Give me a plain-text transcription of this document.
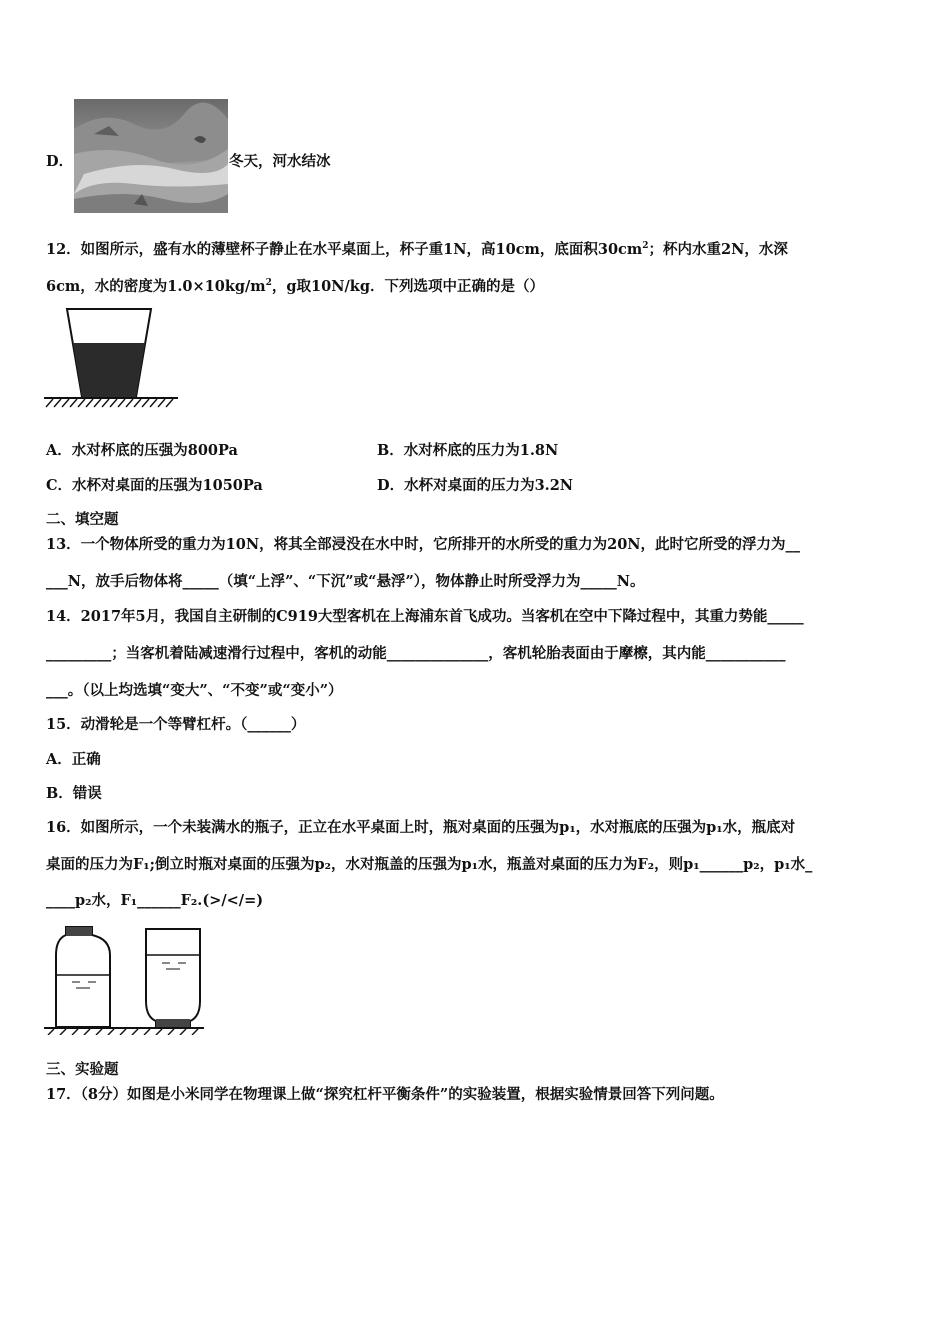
D．	冬天，河水结冰
12．如图所示，盛有水的薄壁杯子静止在水平桌面上，杯子重1N，高10cm，底面积$30cm^2$；杯内水重2N，水深
6cm，水的密度为$1.0\times 10kg/m^2$，g取10N/kg．下列选项中正确的是（）
A．水对杯底的压强为800Pa	B．水对杯底的压力为1.8N
C．水杯对桌面的压强为1050Pa	D．水杯对桌面的压力为3.2N
二、填空题
13．一个物体所受的重力为10N，将其全部浸没在水中时，它所排开的水所受的重力为20N，此时它所受的浮力为__
___N，放手后物体将_____（填“上浮”、“下沉”或“悬浮”），物体静止时所受浮力为_____N。
14．2017年5月，我国自主研制的C919大型客机在上海浦东首飞成功。当客机在空中下降过程中，其重力势能_____
_________；当客机着陆减速滑行过程中，客机的动能______________，客机轮胎表面由于摩檫，其内能___________
___。（以上均选填“变大”、“不变”或“变小”）
15．动滑轮是一个等臂杠杆。（______）
A．正确
B．错误
16．如图所示，一个未装满水的瓶子，正立在水平桌面上时，瓶对桌面的压强为p₁，水对瓶底的压强为p₁水，瓶底对
桌面的压力为F₁;倒立时瓶对桌面的压强为p₂，水对瓶盖的压强为p₁水，瓶盖对桌面的压力为F₂，则p₁______p₂，p₁水_
____p₂水，F₁______F₂.(>/</=)
三、实验题
17．（8分）如图是小米同学在物理课上做“探究杠杆平衡条件”的实验装置，根据实验情景回答下列问题。
